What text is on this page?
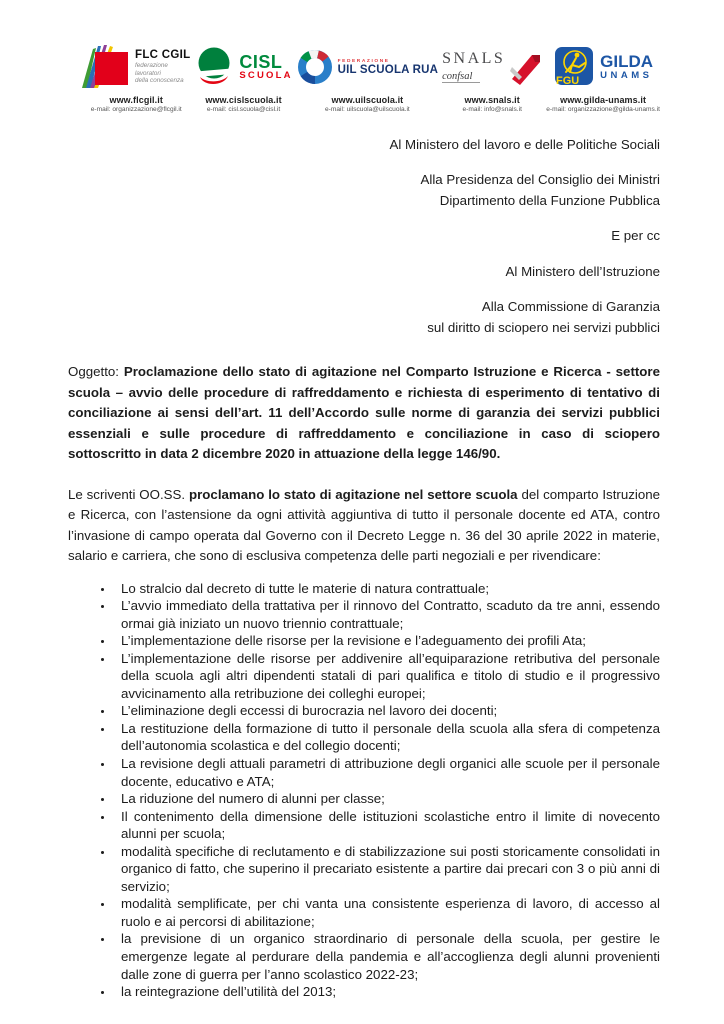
FLC CGIL
federazione
lavoratori
della conoscenza
www.flcgil.it
e-mail: organizzazione@flcgil.it
CISL
SCUOLA
www.cislscuola.it
e-mail: cisl.scuola@cisl.it
FEDERAZIONE
UIL SCUOLA RUA
www.uilscuola.it
e-mail: uilscuola@uilscuola.it
SNALS
confsal
www.snals.it
e-mail: info@snals.it
FGU
GILDA
UNAMS
www.gilda-unams.it
e-mail: organizzazione@gilda-unams.it

Al Ministero del lavoro e delle Politiche Sociali

Alla Presidenza del Consiglio dei Ministri
Dipartimento della Funzione Pubblica

E per cc

Al Ministero dell’Istruzione

Alla Commissione di Garanzia
sul diritto di sciopero nei servizi pubblici

Oggetto: Proclamazione dello stato di agitazione nel Comparto Istruzione e Ricerca - settore scuola – avvio delle procedure di raffreddamento e richiesta di esperimento di tentativo di conciliazione ai sensi dell’art. 11 dell’Accordo sulle norme di garanzia dei servizi pubblici essenziali e sulle procedure di raffreddamento e conciliazione in caso di sciopero sottoscritto in data 2 dicembre 2020 in attuazione della legge 146/90.

Le scriventi OO.SS. proclamano lo stato di agitazione nel settore scuola del comparto Istruzione e Ricerca, con l’astensione da ogni attività aggiuntiva di tutto il personale docente ed ATA, contro l’invasione di campo operata dal Governo con il Decreto Legge n. 36 del 30 aprile 2022 in materie, salario e carriera, che sono di esclusiva competenza delle parti negoziali e per rivendicare:

• Lo stralcio dal decreto di tutte le materie di natura contrattuale;
• L’avvio immediato della trattativa per il rinnovo del Contratto, scaduto da tre anni, essendo ormai già iniziato un nuovo triennio contrattuale;
• L’implementazione delle risorse per la revisione e l’adeguamento dei profili Ata;
• L’implementazione delle risorse per addivenire all’equiparazione retributiva del personale della scuola agli altri dipendenti statali di pari qualifica e titolo di studio e il progressivo avvicinamento alla retribuzione dei colleghi europei;
• L’eliminazione degli eccessi di burocrazia nel lavoro dei docenti;
• La restituzione della formazione di tutto il personale della scuola alla sfera di competenza dell’autonomia scolastica e del collegio docenti;
• La revisione degli attuali parametri di attribuzione degli organici alle scuole per il personale docente, educativo e ATA;
• La riduzione del numero di alunni per classe;
• Il contenimento della dimensione delle istituzioni scolastiche entro il limite di novecento alunni per scuola;
• modalità specifiche di reclutamento e di stabilizzazione sui posti storicamente consolidati in organico di fatto, che superino il precariato esistente a partire dai precari con 3 o più anni di servizio;
• modalità semplificate, per chi vanta una consistente esperienza di lavoro, di accesso al ruolo e ai percorsi di abilitazione;
• la previsione di un organico straordinario di personale della scuola, per gestire le emergenze legate al perdurare della pandemia e all’accoglienza degli alunni provenienti dalle zone di guerra per l’anno scolastico 2022-23;
• la reintegrazione dell’utilità del 2013;
